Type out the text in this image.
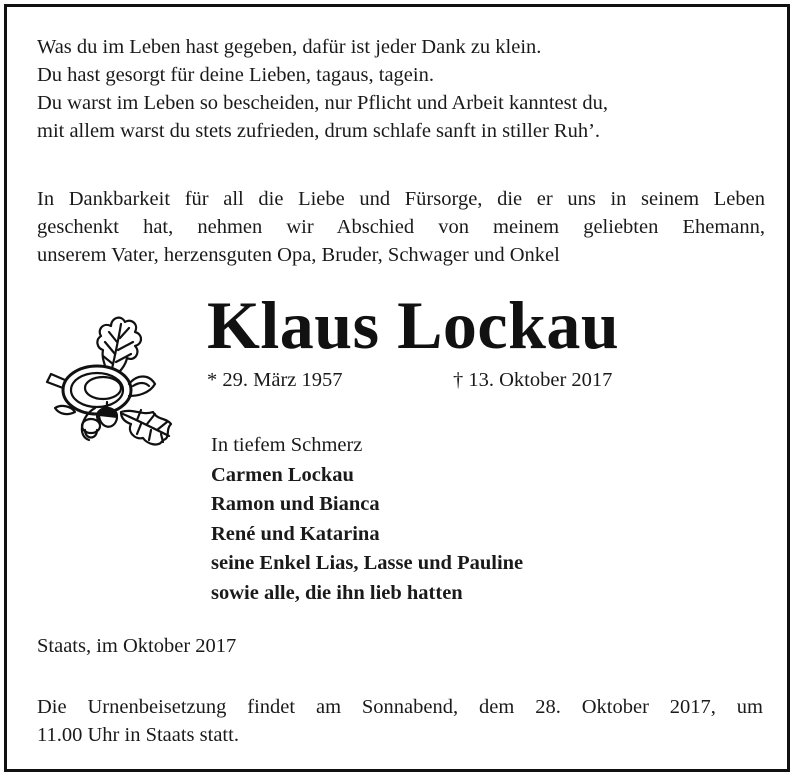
Was du im Leben hast gegeben, dafür ist jeder Dank zu klein.
Du hast gesorgt für deine Lieben, tagaus, tagein.
Du warst im Leben so bescheiden, nur Pflicht und Arbeit kanntest du,
mit allem warst du stets zufrieden, drum schlafe sanft in stiller Ruh’.
In Dankbarkeit für all die Liebe und Fürsorge, die er uns in seinem Leben
geschenkt hat, nehmen wir Abschied von meinem geliebten Ehemann,
unserem Vater, herzensguten Opa, Bruder, Schwager und Onkel
Klaus Lockau
* 29. März 1957	† 13. Oktober 2017
In tiefem Schmerz
Carmen Lockau
Ramon und Bianca
René und Katarina
seine Enkel Lias, Lasse und Pauline
sowie alle, die ihn lieb hatten
Staats, im Oktober 2017
Die Urnenbeisetzung findet am Sonnabend, dem 28. Oktober 2017, um
11.00 Uhr in Staats statt.
